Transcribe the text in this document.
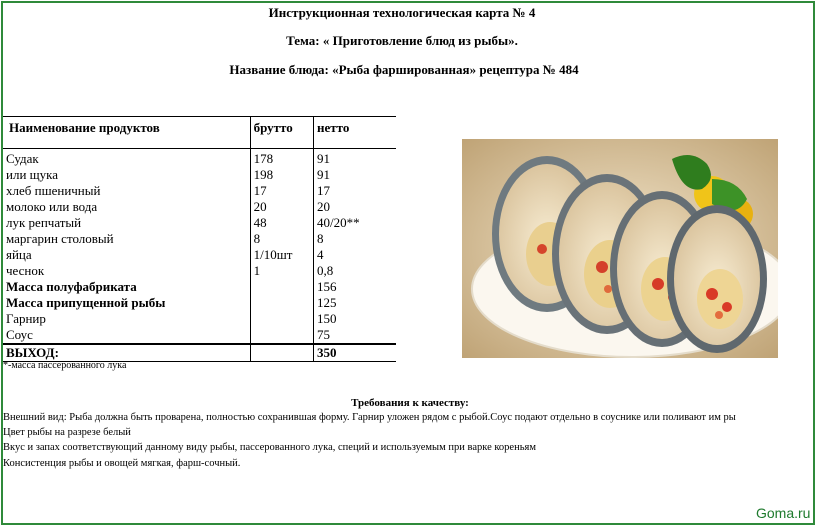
Инструкционная технологическая карта № 4
Тема: « Приготовление блюд из рыбы».
Название блюда: «Рыба фаршированная» рецептура № 484
Наименование продуктов	брутто	нетто
Судак	178	91
или щука	198	91
хлеб пшеничный	17	17
молоко или вода	20	20
лук репчатый	48	40/20**
маргарин столовый	8	8
яйца	1/10шт	4
чеснок	1	0,8
Масса полуфабриката		156
Масса припущенной рыбы		125
Гарнир		150
Соус		75
ВЫХОД:		350
*-масса пассерованного лука
Требования к качеству:
Внешний вид: Рыба должна быть проварена, полностью сохранившая форму. Гарнир уложен рядом с рыбой.Соус подают отдельно в соуснике или поливают им ры
Цвет рыбы на разрезе белый
Вкус и запах соответствующий данному виду рыбы, пассерованного лука, специй и используемым при варке кореньям
Консистенция рыбы и овощей мягкая, фарш-сочный.
Goma.ru
